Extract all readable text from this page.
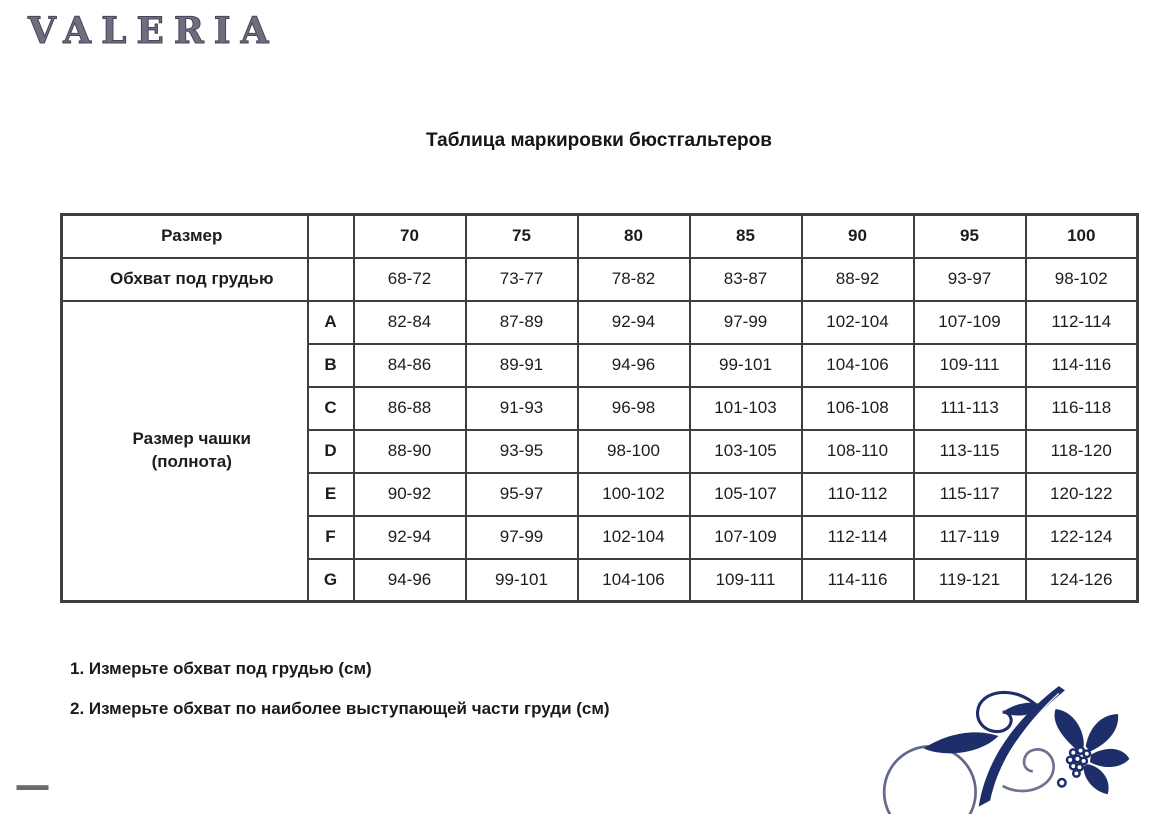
VALERIA
Таблица маркировки бюстгальтеров
Размер		70	75	80	85	90	95	100
Обхват под грудью		68-72	73-77	78-82	83-87	88-92	93-97	98-102
Размер чашки
(полнота)	A	82-84	87-89	92-94	97-99	102-104	107-109	112-114
	B	84-86	89-91	94-96	99-101	104-106	109-111	114-116
	C	86-88	91-93	96-98	101-103	106-108	111-113	116-118
	D	88-90	93-95	98-100	103-105	108-110	113-115	118-120
	E	90-92	95-97	100-102	105-107	110-112	115-117	120-122
	F	92-94	97-99	102-104	107-109	112-114	117-119	122-124
	G	94-96	99-101	104-106	109-111	114-116	119-121	124-126
1. Измерьте обхват под грудью (см)
2. Измерьте обхват по наиболее выступающей части груди (см)
▬▬
